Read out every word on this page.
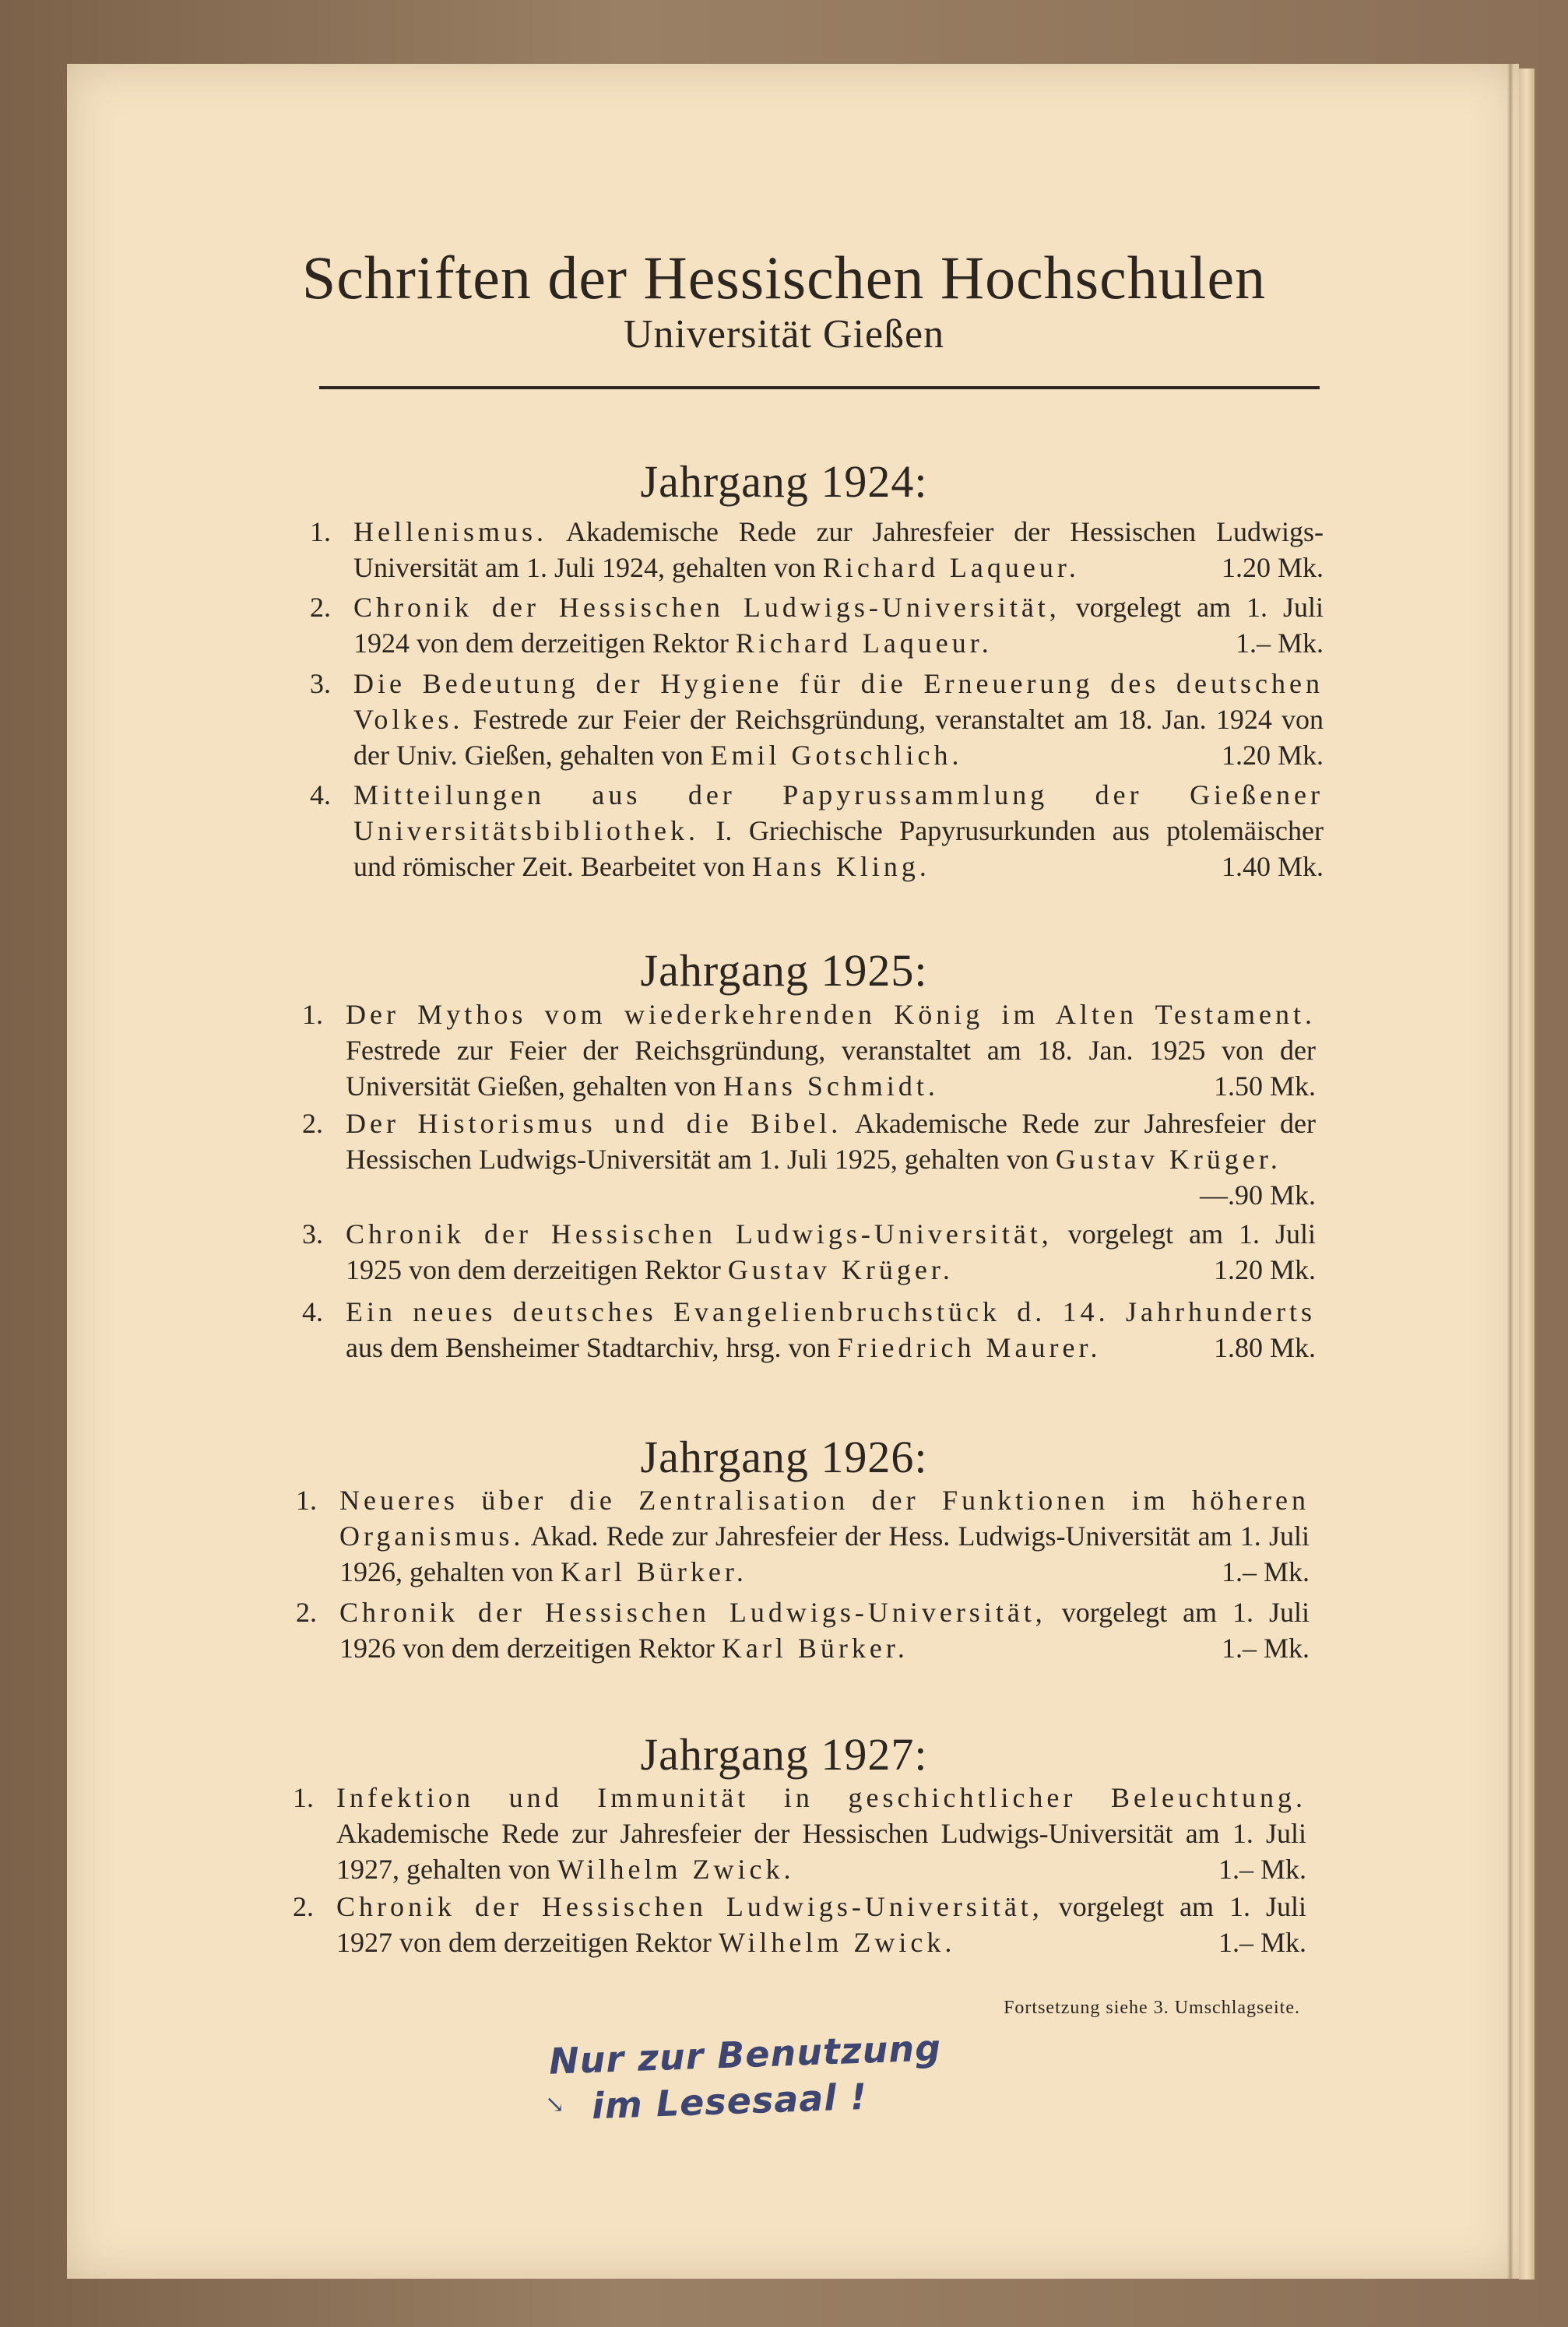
Schriften der Hessischen Hochschulen
Universität Gießen
Jahrgang 1924:
1. Hellenismus. Akademische Rede zur Jahresfeier der Hessischen Ludwigs-Universität am 1. Juli 1924, gehalten von Richard Laqueur.	1.20 Mk.
2. Chronik der Hessischen Ludwigs-Universität, vorgelegt am 1. Juli 1924 von dem derzeitigen Rektor Richard Laqueur.	1.– Mk.
3. Die Bedeutung der Hygiene für die Erneuerung des deutschen Volkes. Festrede zur Feier der Reichsgründung, veranstaltet am 18. Jan. 1924 von der Univ. Gießen, gehalten von Emil Gotschlich.	1.20 Mk.
4. Mitteilungen aus der Papyrussammlung der Gießener Universitätsbibliothek. I. Griechische Papyrusurkunden aus ptolemäischer und römischer Zeit. Bearbeitet von Hans Kling.	1.40 Mk.
Jahrgang 1925:
1. Der Mythos vom wiederkehrenden König im Alten Testament. Festrede zur Feier der Reichsgründung, veranstaltet am 18. Jan. 1925 von der Universität Gießen, gehalten von Hans Schmidt.	1.50 Mk.
2. Der Historismus und die Bibel. Akademische Rede zur Jahresfeier der Hessischen Ludwigs-Universität am 1. Juli 1925, gehalten von Gustav Krüger.
—.90 Mk.
3. Chronik der Hessischen Ludwigs-Universität, vorgelegt am 1. Juli 1925 von dem derzeitigen Rektor Gustav Krüger.	1.20 Mk.
4. Ein neues deutsches Evangelienbruchstück d. 14. Jahrhunderts aus dem Bensheimer Stadtarchiv, hrsg. von Friedrich Maurer.	1.80 Mk.
Jahrgang 1926:
1. Neueres über die Zentralisation der Funktionen im höheren Organismus. Akad. Rede zur Jahresfeier der Hess. Ludwigs-Universität am 1. Juli 1926, gehalten von Karl Bürker.	1.– Mk.
2. Chronik der Hessischen Ludwigs-Universität, vorgelegt am 1. Juli 1926 von dem derzeitigen Rektor Karl Bürker.	1.– Mk.
Jahrgang 1927:
1. Infektion und Immunität in geschichtlicher Beleuchtung. Akademische Rede zur Jahresfeier der Hessischen Ludwigs-Universität am 1. Juli 1927, gehalten von Wilhelm Zwick.	1.– Mk.
2. Chronik der Hessischen Ludwigs-Universität, vorgelegt am 1. Juli 1927 von dem derzeitigen Rektor Wilhelm Zwick.	1.– Mk.
Fortsetzung siehe 3. Umschlagseite.
Nur zur Benutzung
↘ im Lesesaal !
